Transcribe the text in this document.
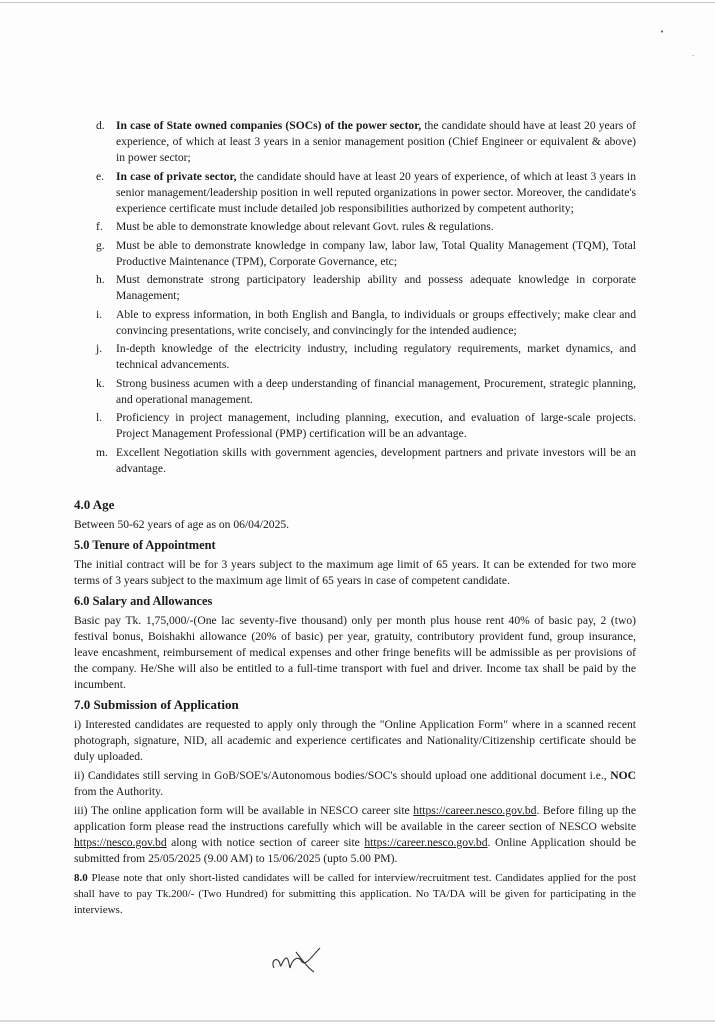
•
·
d. In case of State owned companies (SOCs) of the power sector, the candidate should have at least 20 years of experience, of which at least 3 years in a senior management position (Chief Engineer or equivalent & above) in power sector;
e. In case of private sector, the candidate should have at least 20 years of experience, of which at least 3 years in senior management/leadership position in well reputed organizations in power sector. Moreover, the candidate's experience certificate must include detailed job responsibilities authorized by competent authority;
f. Must be able to demonstrate knowledge about relevant Govt. rules & regulations.
g. Must be able to demonstrate knowledge in company law, labor law, Total Quality Management (TQM), Total Productive Maintenance (TPM), Corporate Governance, etc;
h. Must demonstrate strong participatory leadership ability and possess adequate knowledge in corporate Management;
i. Able to express information, in both English and Bangla, to individuals or groups effectively; make clear and convincing presentations, write concisely, and convincingly for the intended audience;
j. In-depth knowledge of the electricity industry, including regulatory requirements, market dynamics, and technical advancements.
k. Strong business acumen with a deep understanding of financial management, Procurement, strategic planning, and operational management.
l. Proficiency in project management, including planning, execution, and evaluation of large-scale projects. Project Management Professional (PMP) certification will be an advantage.
m. Excellent Negotiation skills with government agencies, development partners and private investors will be an advantage.
4.0 Age

Between 50-62 years of age as on 06/04/2025.

5.0 Tenure of Appointment

The initial contract will be for 3 years subject to the maximum age limit of 65 years. It can be extended for two more terms of 3 years subject to the maximum age limit of 65 years in case of competent candidate.

6.0 Salary and Allowances

Basic pay Tk. 1,75,000/-(One lac seventy-five thousand) only per month plus house rent 40% of basic pay, 2 (two) festival bonus, Boishakhi allowance (20% of basic) per year, gratuity, contributory provident fund, group insurance, leave encashment, reimbursement of medical expenses and other fringe benefits will be admissible as per provisions of the company. He/She will also be entitled to a full-time transport with fuel and driver. Income tax shall be paid by the incumbent.

7.0 Submission of Application

i) Interested candidates are requested to apply only through the "Online Application Form" where in a scanned recent photograph, signature, NID, all academic and experience certificates and Nationality/Citizenship certificate should be duly uploaded.

ii) Candidates still serving in GoB/SOE's/Autonomous bodies/SOC's should upload one additional document i.e., NOC from the Authority.

iii) The online application form will be available in NESCO career site https://career.nesco.gov.bd. Before filing up the application form please read the instructions carefully which will be available in the career section of NESCO website https://nesco.gov.bd along with notice section of career site https://career.nesco.gov.bd. Online Application should be submitted from 25/05/2025 (9.00 AM) to 15/06/2025 (upto 5.00 PM).

8.0 Please note that only short-listed candidates will be called for interview/recruitment test. Candidates applied for the post shall have to pay Tk.200/- (Two Hundred) for submitting this application. No TA/DA will be given for participating in the interviews.
